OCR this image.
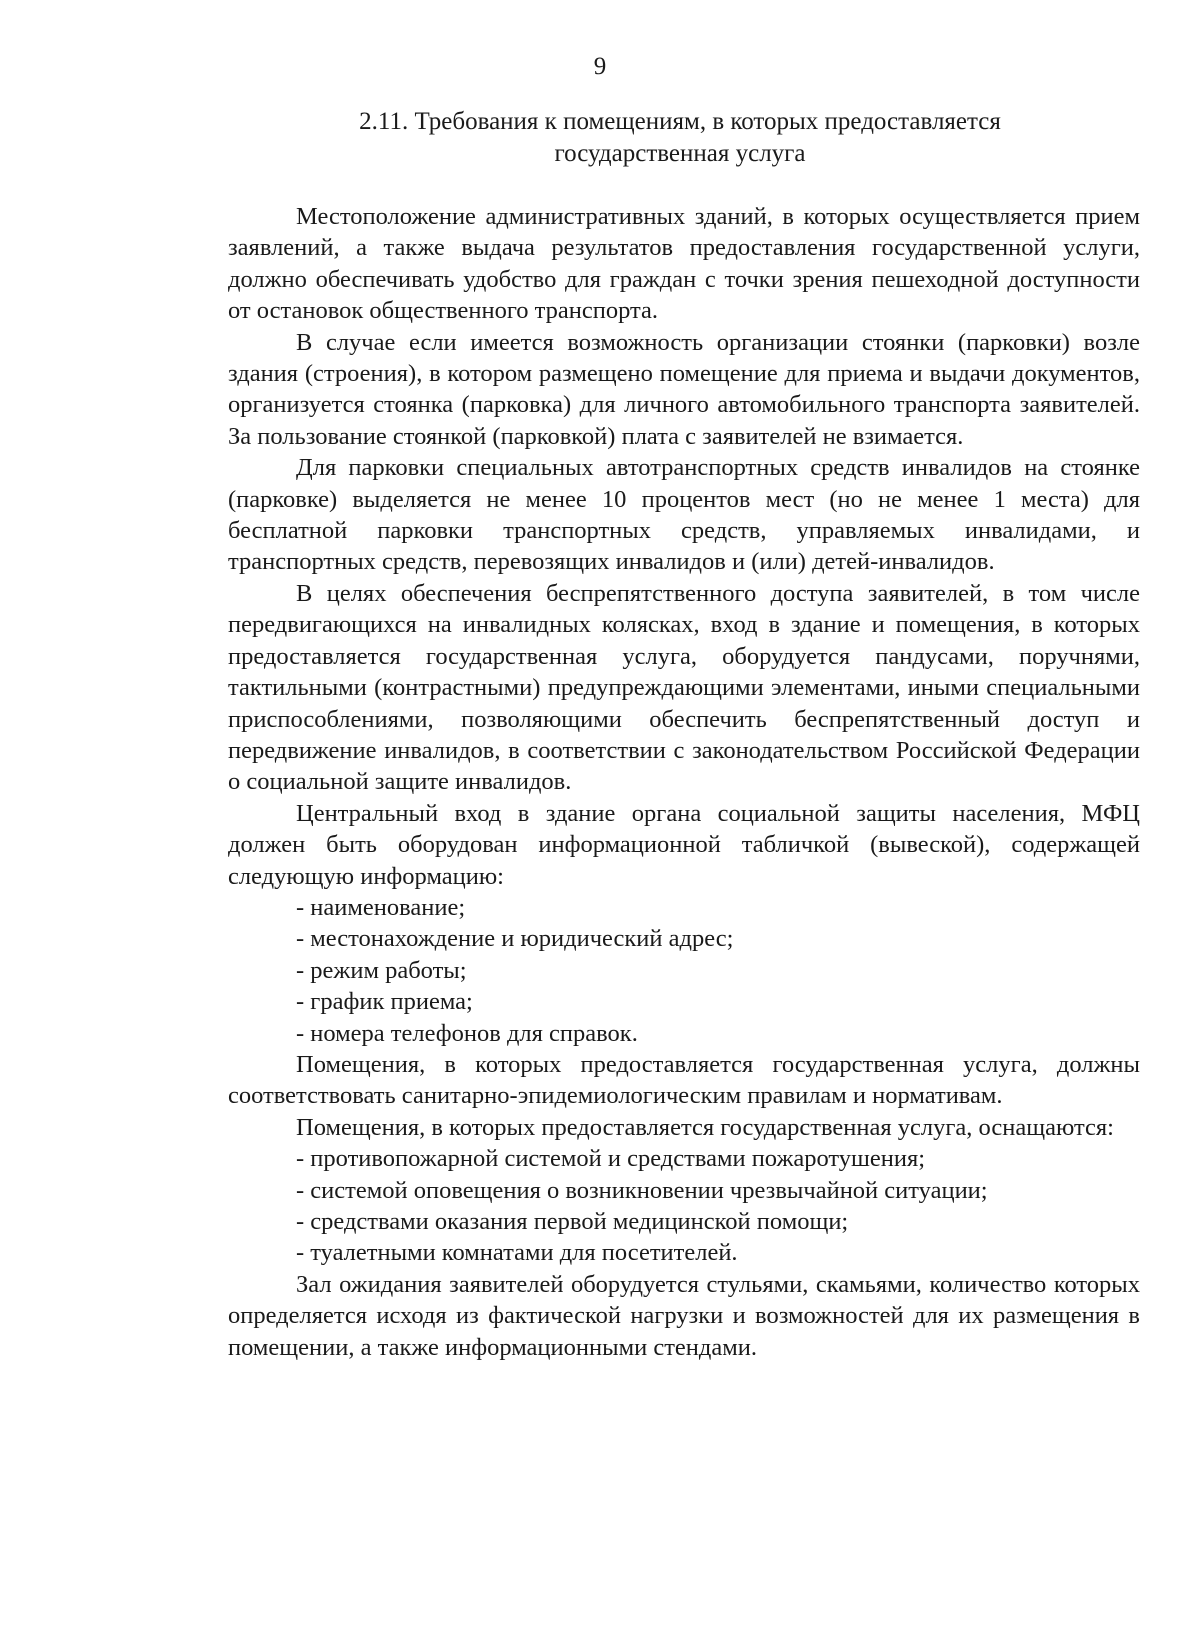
9
2.11. Требования к помещениям, в которых предоставляется
государственная услуга

Местоположение административных зданий, в которых осуществляется прием заявлений, а также выдача результатов предоставления государственной услуги, должно обеспечивать удобство для граждан с точки зрения пешеходной доступности от остановок общественного транспорта.

В случае если имеется возможность организации стоянки (парковки) возле здания (строения), в котором размещено помещение для приема и выдачи документов, организуется стоянка (парковка) для личного автомобильного транспорта заявителей. За пользование стоянкой (парковкой) плата с заявителей не взимается.

Для парковки специальных автотранспортных средств инвалидов на стоянке (парковке) выделяется не менее 10 процентов мест (но не менее 1 места) для бесплатной парковки транспортных средств, управляемых инвалидами, и транспортных средств, перевозящих инвалидов и (или) детей-инвалидов.

В целях обеспечения беспрепятственного доступа заявителей, в том числе передвигающихся на инвалидных колясках, вход в здание и помещения, в которых предоставляется государственная услуга, оборудуется пандусами, поручнями, тактильными (контрастными) предупреждающими элементами, иными специальными приспособлениями, позволяющими обеспечить беспрепятственный доступ и передвижение инвалидов, в соответствии с законодательством Российской Федерации о социальной защите инвалидов.

Центральный вход в здание органа социальной защиты населения, МФЦ должен быть оборудован информационной табличкой (вывеской), содержащей следующую информацию:

- наименование;

- местонахождение и юридический адрес;

- режим работы;

- график приема;

- номера телефонов для справок.

Помещения, в которых предоставляется государственная услуга, должны соответствовать санитарно-эпидемиологическим правилам и нормативам.

Помещения, в которых предоставляется государственная услуга, оснащаются:

- противопожарной системой и средствами пожаротушения;

- системой оповещения о возникновении чрезвычайной ситуации;

- средствами оказания первой медицинской помощи;

- туалетными комнатами для посетителей.

Зал ожидания заявителей оборудуется стульями, скамьями, количество которых определяется исходя из фактической нагрузки и возможностей для их размещения в помещении, а также информационными стендами.
